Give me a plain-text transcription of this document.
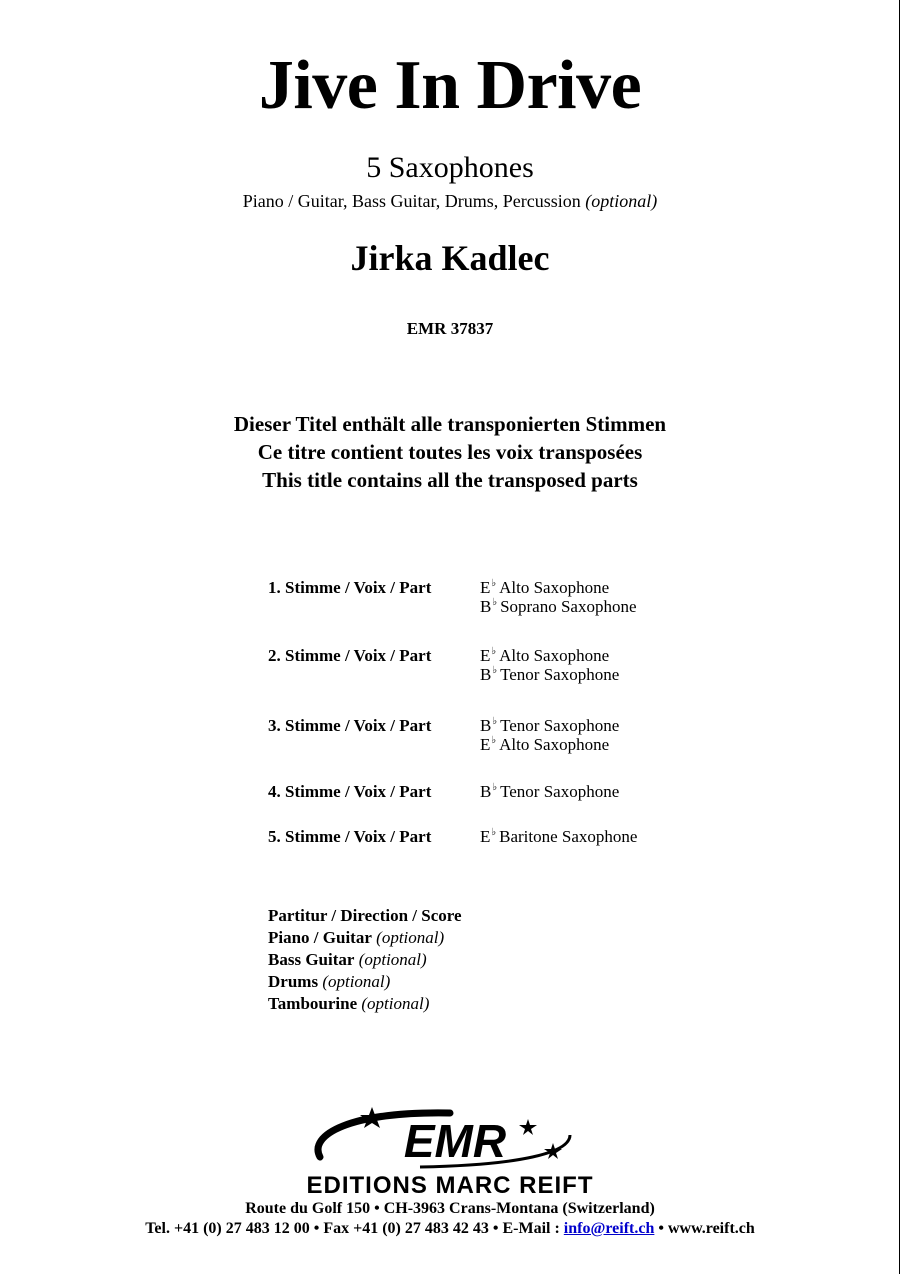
Jive In Drive
5 Saxophones
Piano / Guitar, Bass Guitar, Drums, Percussion (optional)
Jirka Kadlec
EMR 37837
Dieser Titel enthält alle transponierten Stimmen
Ce titre contient toutes les voix transposées
This title contains all the transposed parts
1. Stimme / Voix / Part	E♭ Alto Saxophone
B♭ Soprano Saxophone
2. Stimme / Voix / Part	E♭ Alto Saxophone
B♭ Tenor Saxophone
3. Stimme / Voix / Part	B♭ Tenor Saxophone
E♭ Alto Saxophone
4. Stimme / Voix / Part	B♭ Tenor Saxophone
5. Stimme / Voix / Part	E♭ Baritone Saxophone
Partitur / Direction / Score
Piano / Guitar (optional)
Bass Guitar (optional)
Drums (optional)
Tambourine (optional)
EMR
EDITIONS MARC REIFT
Route du Golf 150 • CH-3963 Crans-Montana (Switzerland)
Tel. +41 (0) 27 483 12 00 • Fax +41 (0) 27 483 42 43 • E-Mail : info@reift.ch • www.reift.ch
